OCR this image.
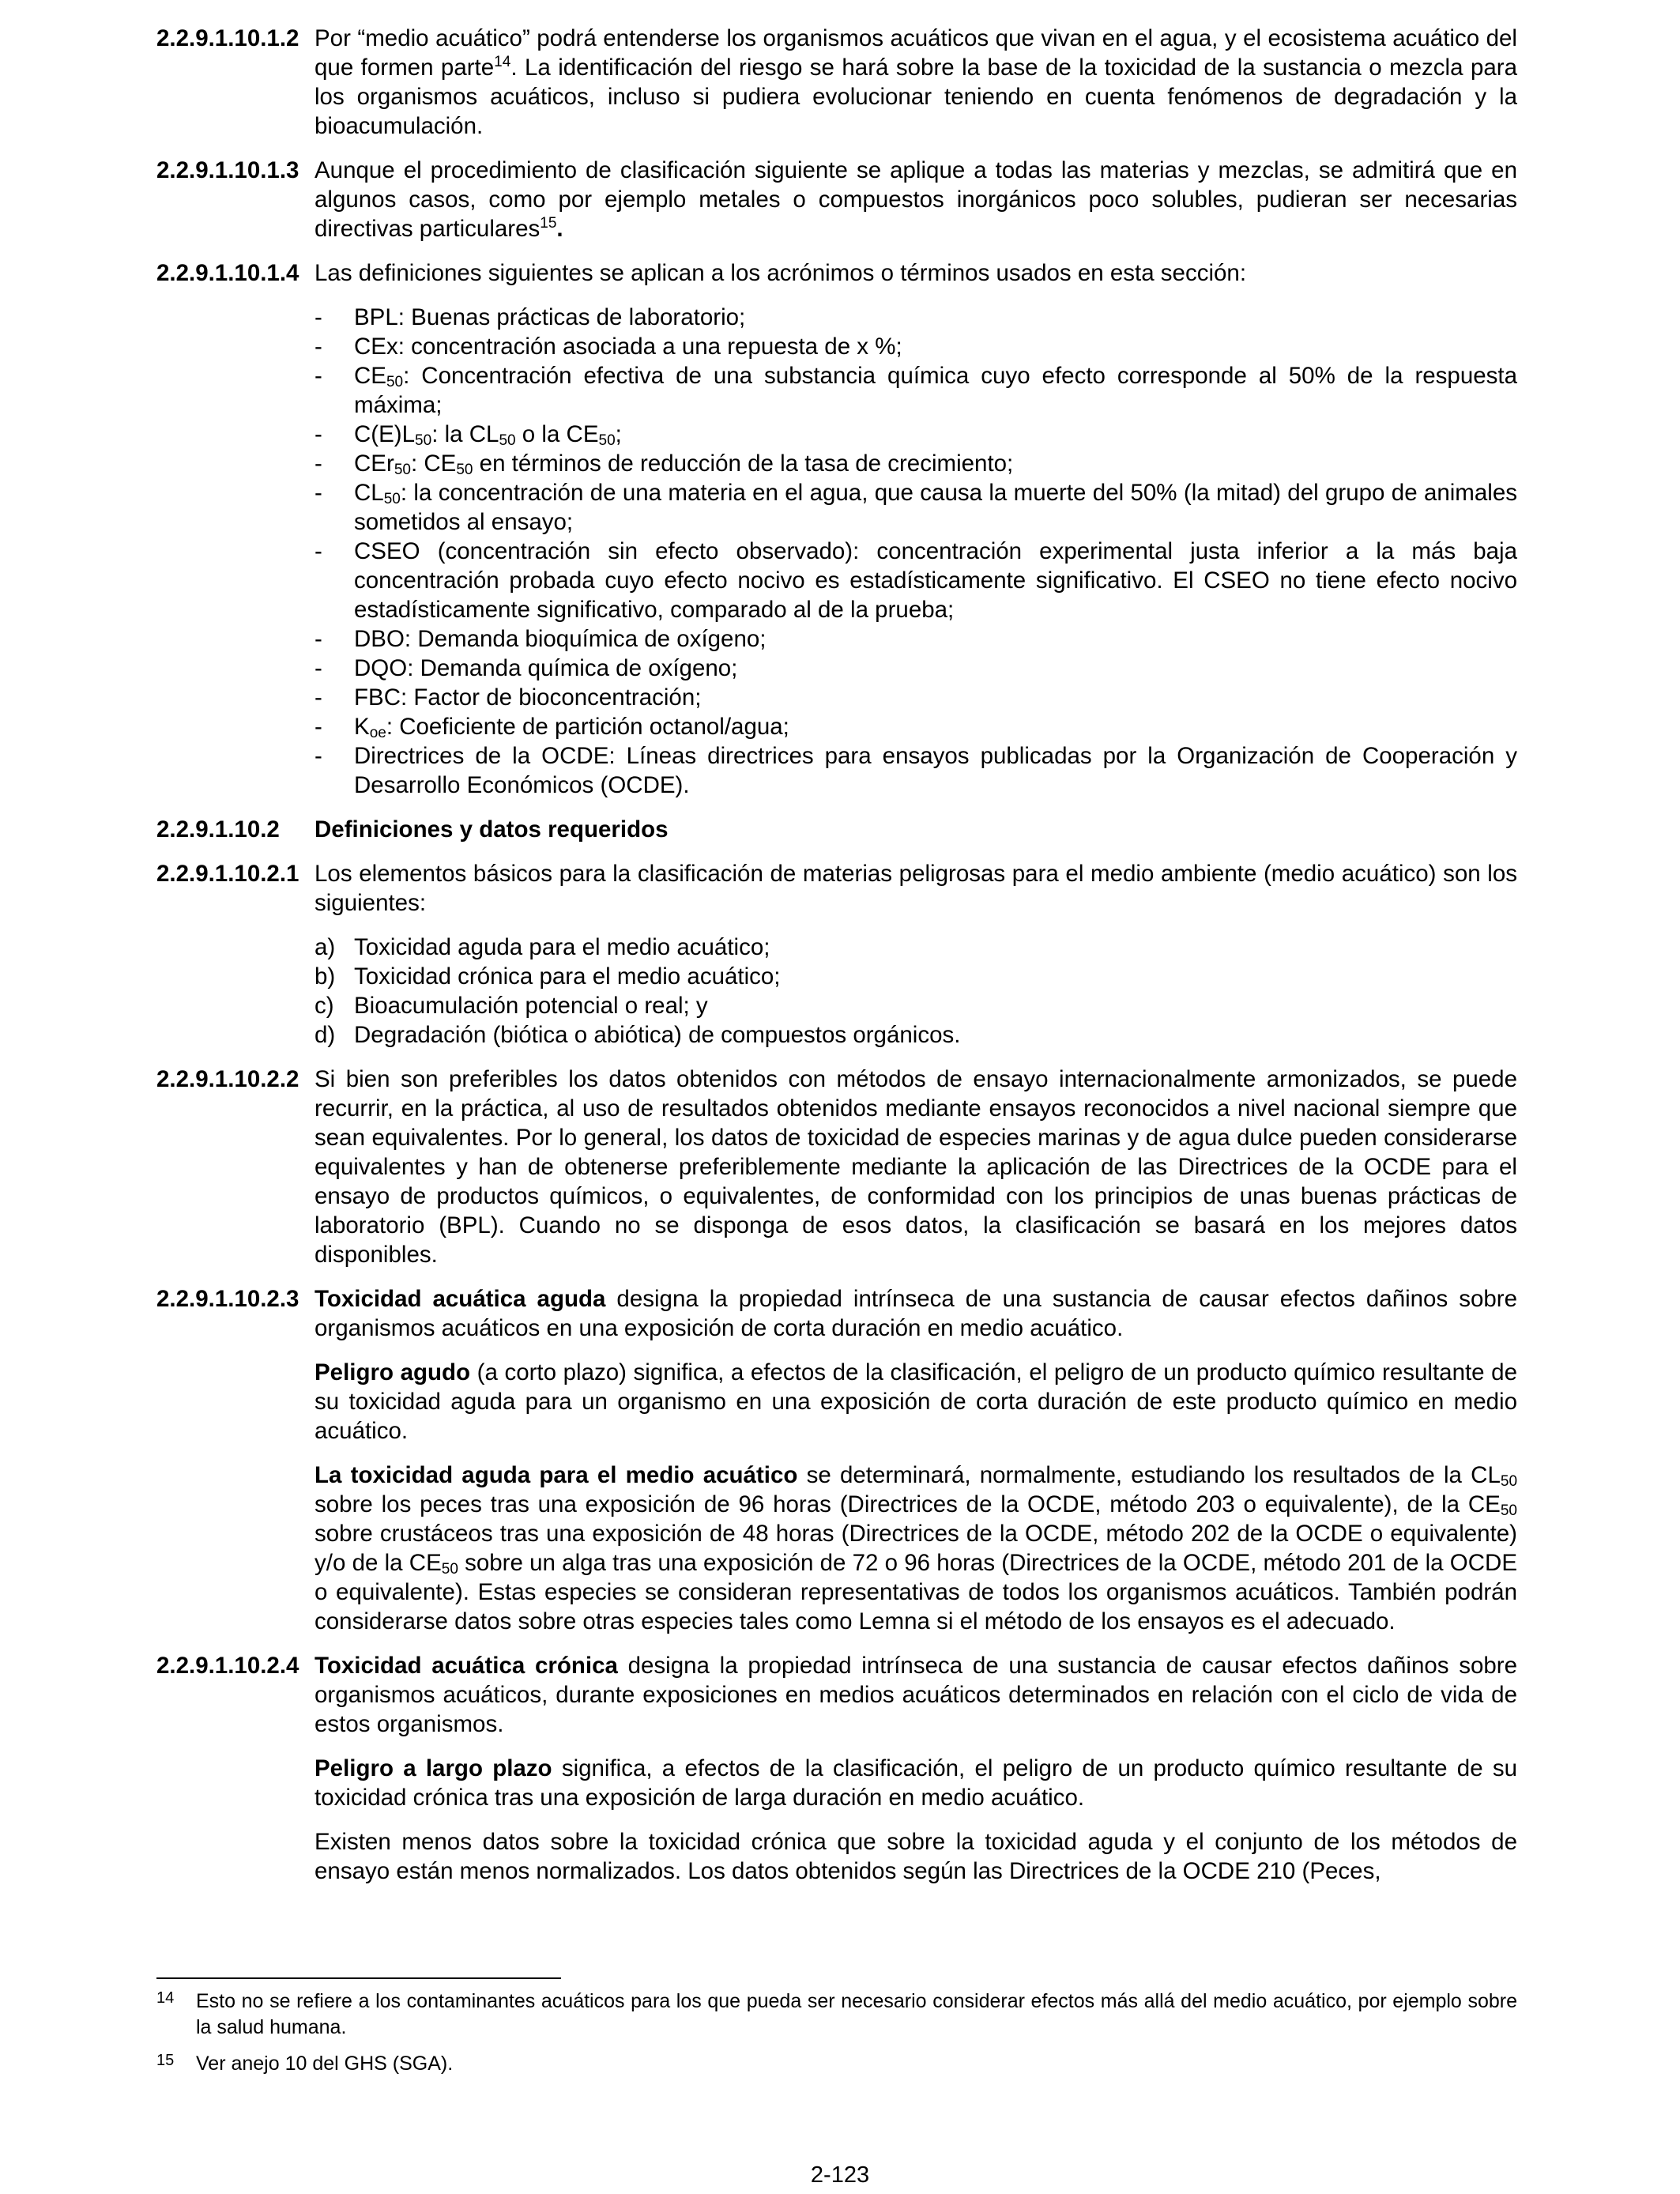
2.2.9.1.10.1.2 Por “medio acuático” podrá entenderse los organismos acuáticos que vivan en el agua, y el ecosistema acuático del que formen parte$^{14}$. La identificación del riesgo se hará sobre la base de la toxicidad de la sustancia o mezcla para los organismos acuáticos, incluso si pudiera evolucionar teniendo en cuenta fenómenos de degradación y la bioacumulación.
2.2.9.1.10.1.3 Aunque el procedimiento de clasificación siguiente se aplique a todas las materias y mezclas, se admitirá que en algunos casos, como por ejemplo metales o compuestos inorgánicos poco solubles, pudieran ser necesarias directivas particulares$^{15}$.
2.2.9.1.10.1.4 Las definiciones siguientes se aplican a los acrónimos o términos usados en esta sección:
-	BPL: Buenas prácticas de laboratorio;
-	CEx: concentración asociada a una repuesta de x %;
-	$CE_{50}$: Concentración efectiva de una substancia química cuyo efecto corresponde al 50% de la respuesta máxima;
-	$C(E)L_{50}$: la $CL_{50}$ o la $CE_{50}$;
-	CEr$_{50}$: $CE_{50}$ en términos de reducción de la tasa de crecimiento;
-	$CL_{50}$: la concentración de una materia en el agua, que causa la muerte del 50% (la mitad) del grupo de animales sometidos al ensayo;
-	CSEO (concentración sin efecto observado): concentración experimental justa inferior a la más baja concentración probada cuyo efecto nocivo es estadísticamente significativo. El CSEO no tiene efecto nocivo estadísticamente significativo, comparado al de la prueba;
-	DBO: Demanda bioquímica de oxígeno;
-	DQO: Demanda química de oxígeno;
-	FBC: Factor de bioconcentración;
-	$K_{oe}$: Coeficiente de partición octanol/agua;
-	Directrices de la OCDE: Líneas directrices para ensayos publicadas por la Organización de Cooperación y Desarrollo Económicos (OCDE).
2.2.9.1.10.2	Definiciones y datos requeridos
2.2.9.1.10.2.1 Los elementos básicos para la clasificación de materias peligrosas para el medio ambiente (medio acuático) son los siguientes:
a) Toxicidad aguda para el medio acuático;
b) Toxicidad crónica para el medio acuático;
c) Bioacumulación potencial o real; y
d) Degradación (biótica o abiótica) de compuestos orgánicos.
2.2.9.1.10.2.2 Si bien son preferibles los datos obtenidos con métodos de ensayo internacionalmente armonizados, se puede recurrir, en la práctica, al uso de resultados obtenidos mediante ensayos reconocidos a nivel nacional siempre que sean equivalentes. Por lo general, los datos de toxicidad de especies marinas y de agua dulce pueden considerarse equivalentes y han de obtenerse preferiblemente mediante la aplicación de las Directrices de la OCDE para el ensayo de productos químicos, o equivalentes, de conformidad con los principios de unas buenas prácticas de laboratorio (BPL). Cuando no se disponga de esos datos, la clasificación se basará en los mejores datos disponibles.
2.2.9.1.10.2.3 Toxicidad acuática aguda designa la propiedad intrínseca de una sustancia de causar efectos dañinos sobre organismos acuáticos en una exposición de corta duración en medio acuático.
Peligro agudo (a corto plazo) significa, a efectos de la clasificación, el peligro de un producto químico resultante de su toxicidad aguda para un organismo en una exposición de corta duración de este producto químico en medio acuático.
La toxicidad aguda para el medio acuático se determinará, normalmente, estudiando los resultados de la $CL_{50}$ sobre los peces tras una exposición de 96 horas (Directrices de la OCDE, método 203 o equivalente), de la $CE_{50}$ sobre crustáceos tras una exposición de 48 horas (Directrices de la OCDE, método 202 de la OCDE o equivalente) y/o de la $CE_{50}$ sobre un alga tras una exposición de 72 o 96 horas (Directrices de la OCDE, método 201 de la OCDE o equivalente). Estas especies se consideran representativas de todos los organismos acuáticos. También podrán considerarse datos sobre otras especies tales como Lemna si el método de los ensayos es el adecuado.
2.2.9.1.10.2.4 Toxicidad acuática crónica designa la propiedad intrínseca de una sustancia de causar efectos dañinos sobre organismos acuáticos, durante exposiciones en medios acuáticos determinados en relación con el ciclo de vida de estos organismos.
Peligro a largo plazo significa, a efectos de la clasificación, el peligro de un producto químico resultante de su toxicidad crónica tras una exposición de larga duración en medio acuático.
Existen menos datos sobre la toxicidad crónica que sobre la toxicidad aguda y el conjunto de los métodos de ensayo están menos normalizados. Los datos obtenidos según las Directrices de la OCDE 210 (Peces,
14	Esto no se refiere a los contaminantes acuáticos para los que pueda ser necesario considerar efectos más allá del medio acuático, por ejemplo sobre la salud humana.
15	Ver anejo 10 del GHS (SGA).
2-123
